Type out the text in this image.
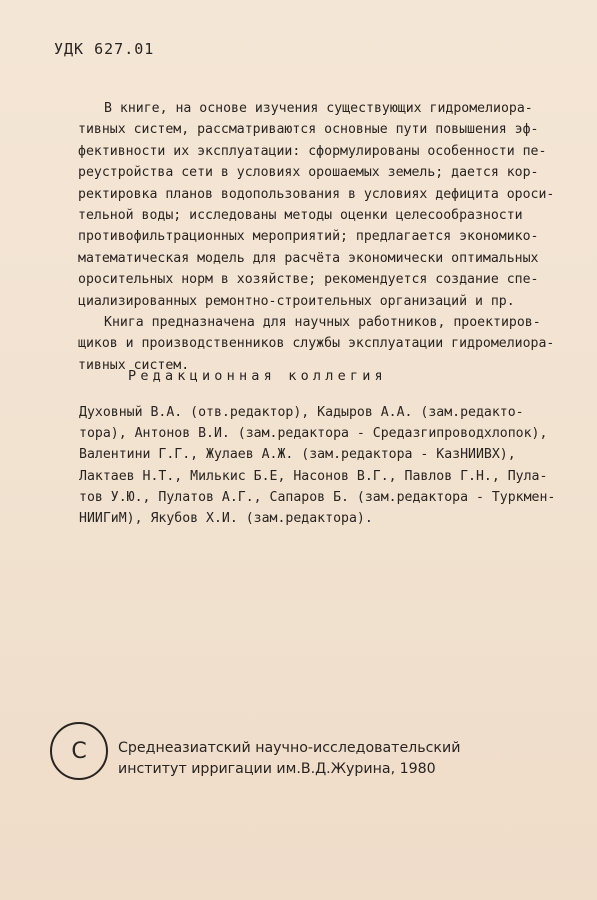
УДК 627.01
В книге, на основе изучения существующих гидромелиора-
тивных систем, рассматриваются основные пути повышения эф-
фективности их эксплуатации: сформулированы особенности пе-
реустройства сети в условиях орошаемых земель; дается кор-
ректировка планов водопользования в условиях дефицита ороси-
тельной воды; исследованы методы оценки целесообразности
противофильтрационных мероприятий; предлагается экономико-
математическая модель для расчёта экономически оптимальных
оросительных норм в хозяйстве; рекомендуется создание спе-
циализированных ремонтно-строительных организаций и пр.
Книга предназначена для научных работников, проектиров-
щиков и производственников службы эксплуатации гидромелиора-
тивных систем.
Редакционная коллегия
Духовный В.А. (отв.редактор), Кадыров А.А. (зам.редакто-
тора), Антонов В.И. (зам.редактора - Средазгипроводхлопок),
Валентини Г.Г., Жулаев А.Ж. (зам.редактора - КазНИИВХ),
Лактаев Н.Т., Милькис Б.Е, Насонов В.Г., Павлов Г.Н., Пула-
тов У.Ю., Пулатов А.Г., Сапаров Б. (зам.редактора - Туркмен-
НИИГиМ), Якубов Х.И. (зам.редактора).
С Среднеазиатский научно-исследовательский
институт ирригации им.В.Д.Журина, 1980
